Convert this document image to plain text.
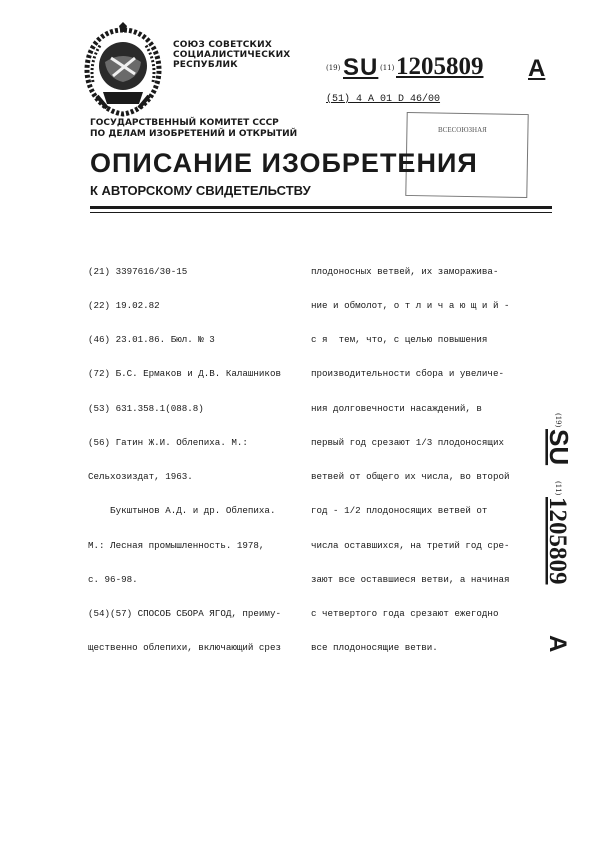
СОЮЗ СОВЕТСКИХ
СОЦИАЛИСТИЧЕСКИХ
РЕСПУБЛИК	(19) SU (11) 1205809 A
(51) 4 А 01 D 46/00
ГОСУДАРСТВЕННЫЙ КОМИТЕТ СССР
ПО ДЕЛАМ ИЗОБРЕТЕНИЙ И ОТКРЫТИЙ	ВСЕСОЮЗНАЯ
ОПИСАНИЕ ИЗОБРЕТЕНИЯ
К АВТОРСКОМУ СВИДЕТЕЛЬСТВУ

(21) 3397616/30-15

(22) 19.02.82

(46) 23.01.86. Бюл. № 3

(72) Б.С. Ермаков и Д.В. Калашников

(53) 631.358.1(088.8)

(56) Гатин Ж.И. Облепиха. М.:

Сельхозиздат, 1963.

Букштынов А.Д. и др. Облепиха.

М.: Лесная промышленность. 1978,

с. 96-98.

(54)(57) СПОСОБ СБОРА ЯГОД, преиму-

щественно облепихи, включающий срез

плодоносных ветвей, их заморажива-

ние и обмолот, о т л и ч а ю щ и й -

с я  тем, что, с целью повышения

производительности сбора и увеличе-

ния долговечности насаждений, в

первый год срезают 1/3 плодоносящих

ветвей от общего их числа, во второй

год - 1/2 плодоносящих ветвей от

числа оставшихся, на третий год сре-

зают все оставшиеся ветви, а начиная

с четвертого года срезают ежегодно

все плодоносящие ветви.

(19)
SU
(11)
1205809
A
